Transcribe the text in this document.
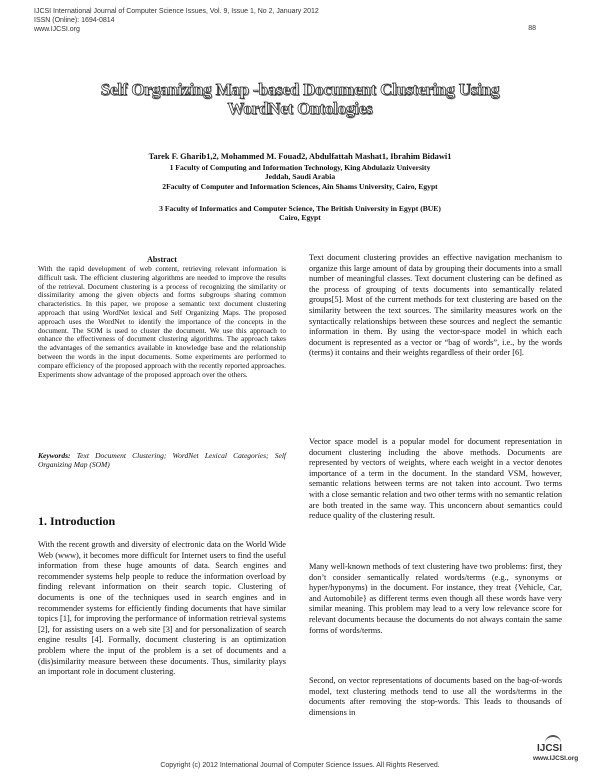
IJCSI International Journal of Computer Science Issues, Vol. 9, Issue 1, No 2, January 2012
ISSN (Online): 1694-0814
www.IJCSI.org	88
Self Organizing Map -based Document Clustering Using
WordNet Ontologies
Tarek F. Gharib1,2, Mohammed M. Fouad2, Abdulfattah Mashat1, Ibrahim Bidawi1
1 Faculty of Computing and Information Technology, King Abdulaziz University
Jeddah, Saudi Arabia
2Faculty of Computer and Information Sciences, Ain Shams University, Cairo, Egypt
3 Faculty of Informatics and Computer Science, The British University in Egypt (BUE)
Cairo, Egypt
Abstract
With the rapid development of web content, retrieving relevant information is difficult task. The efficient clustering algorithms are needed to improve the results of the retrieval. Document clustering is a process of recognizing the similarity or dissimilarity among the given objects and forms subgroups sharing common characteristics. In this paper, we propose a semantic text document clustering approach that using WordNet lexical and Self Organizing Maps. The proposed approach uses the WordNet to identify the importance of the concepts in the document. The SOM is used to cluster the document. We use this approach to enhance the effectiveness of document clustering algorithms. The approach takes the advantages of the semantics available in knowledge base and the relationship between the words in the input documents. Some experiments are performed to compare efficiency of the proposed approach with the recently reported approaches. Experiments show advantage of the proposed approach over the others.
Keywords: Text Document Clustering; WordNet Lexical Categories; Self Organizing Map (SOM)
1. Introduction
With the recent growth and diversity of electronic data on the World Wide Web (www), it becomes more difficult for Internet users to find the useful information from these huge amounts of data. Search engines and recommender systems help people to reduce the information overload by finding relevant information on their search topic. Clustering of documents is one of the techniques used in search engines and in recommender systems for efficiently finding documents that have similar topics [1], for improving the performance of information retrieval systems [2], for assisting users on a web site [3] and for personalization of search engine results [4]. Formally, document clustering is an optimization problem where the input of the problem is a set of documents and a (dis)similarity measure between these documents. Thus, similarity plays an important role in document clustering.
Text document clustering provides an effective navigation mechanism to organize this large amount of data by grouping their documents into a small number of meaningful classes. Text document clustering can be defined as the process of grouping of texts documents into semantically related groups[5]. Most of the current methods for text clustering are based on the similarity between the text sources. The similarity measures work on the syntactically relationships between these sources and neglect the semantic information in them. By using the vector-space model in which each document is represented as a vector or “bag of words”, i.e., by the words (terms) it contains and their weights regardless of their order [6].
Vector space model is a popular model for document representation in document clustering including the above methods. Documents are represented by vectors of weights, where each weight in a vector denotes importance of a term in the document. In the standard VSM, however, semantic relations between terms are not taken into account. Two terms with a close semantic relation and two other terms with no semantic relation are both treated in the same way. This unconcern about semantics could reduce quality of the clustering result.
Many well-known methods of text clustering have two problems: first, they don’t consider semantically related words/terms (e.g., synonyms or hyper/hyponyms) in the document. For instance, they treat {Vehicle, Car, and Automobile} as different terms even though all these words have very similar meaning. This problem may lead to a very low relevance score for relevant documents because the documents do not always contain the same forms of words/terms.
Second, on vector representations of documents based on the bag-of-words model, text clustering methods tend to use all the words/terms in the documents after removing the stop-words. This leads to thousands of dimensions in
IJCSI
www.IJCSI.org
Copyright (c) 2012 International Journal of Computer Science Issues. All Rights Reserved.
